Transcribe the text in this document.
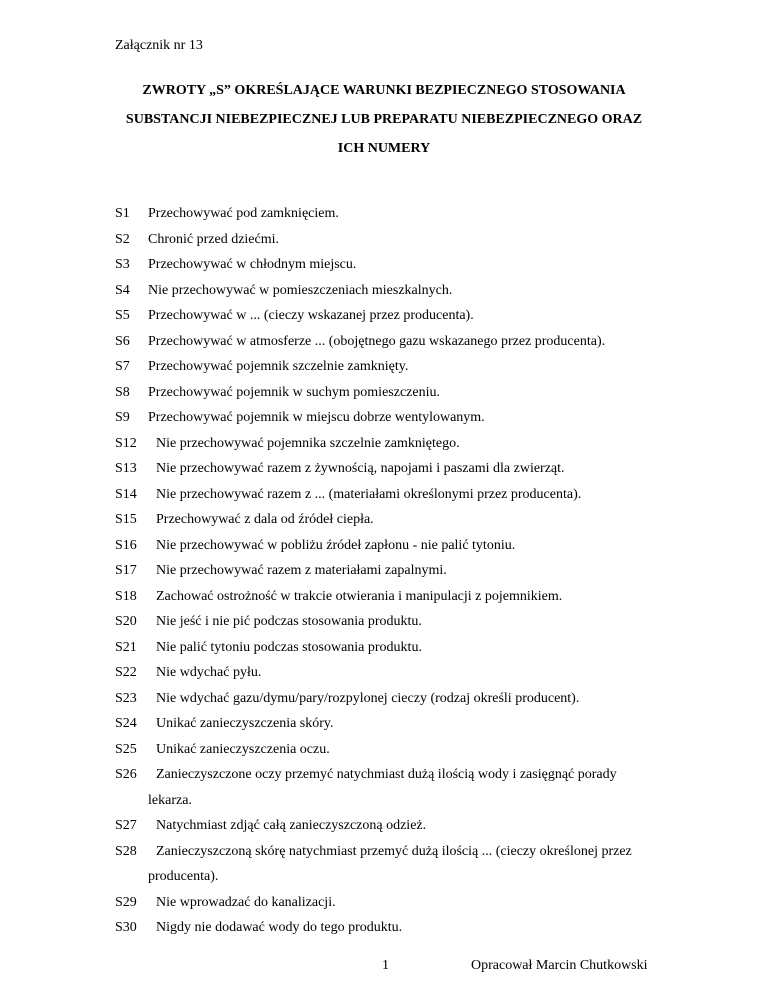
Załącznik nr 13
ZWROTY „S” OKREŚLAJĄCE WARUNKI BEZPIECZNEGO STOSOWANIA
SUBSTANCJI NIEBEZPIECZNEJ LUB PREPARATU NIEBEZPIECZNEGO ORAZ
ICH NUMERY
S1	Przechowywać pod zamknięciem.
S2	Chronić przed dziećmi.
S3	Przechowywać w chłodnym miejscu.
S4	Nie przechowywać w pomieszczeniach mieszkalnych.
S5	Przechowywać w ... (cieczy wskazanej przez producenta).
S6	Przechowywać w atmosferze ... (obojętnego gazu wskazanego przez producenta).
S7	Przechowywać pojemnik szczelnie zamknięty.
S8	Przechowywać pojemnik w suchym pomieszczeniu.
S9	Przechowywać pojemnik w miejscu dobrze wentylowanym.
S12	Nie przechowywać pojemnika szczelnie zamkniętego.
S13	Nie przechowywać razem z żywnością, napojami i paszami dla zwierząt.
S14	Nie przechowywać razem z ... (materiałami określonymi przez producenta).
S15	Przechowywać z dala od źródeł ciepła.
S16	Nie przechowywać w pobliżu źródeł zapłonu - nie palić tytoniu.
S17	Nie przechowywać razem z materiałami zapalnymi.
S18	Zachować ostrożność w trakcie otwierania i manipulacji z pojemnikiem.
S20	Nie jeść i nie pić podczas stosowania produktu.
S21	Nie palić tytoniu podczas stosowania produktu.
S22	Nie wdychać pyłu.
S23	Nie wdychać gazu/dymu/pary/rozpylonej cieczy (rodzaj określi producent).
S24	Unikać zanieczyszczenia skóry.
S25	Unikać zanieczyszczenia oczu.
S26	Zanieczyszczone oczy przemyć natychmiast dużą ilością wody i zasięgnąć porady
lekarza.
S27	Natychmiast zdjąć całą zanieczyszczoną odzież.
S28	Zanieczyszczoną skórę natychmiast przemyć dużą ilością ... (cieczy określonej przez
producenta).
S29	Nie wprowadzać do kanalizacji.
S30	Nigdy nie dodawać wody do tego produktu.
1	Opracował Marcin Chutkowski
